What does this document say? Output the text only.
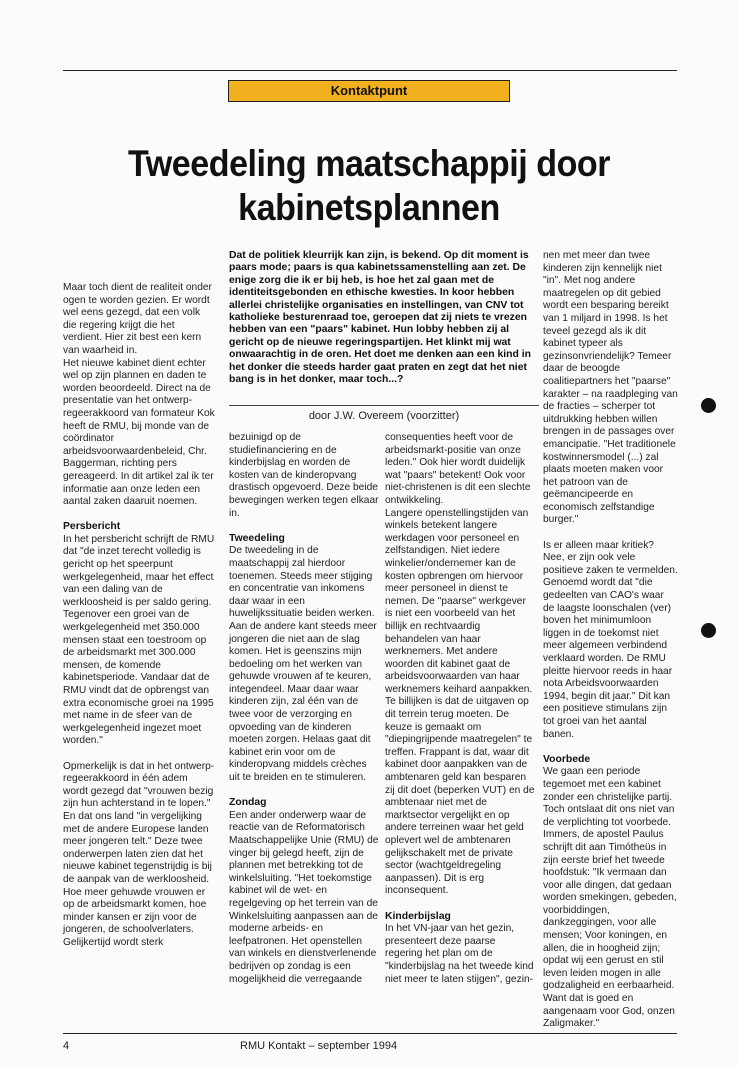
Kontaktpunt
Tweedeling maatschappij door kabinetsplannen

Maar toch dient de realiteit onder ogen te worden gezien. Er wordt wel eens gezegd, dat een volk die regering krijgt die het verdient. Hier zit best een kern van waarheid in.

Het nieuwe kabinet dient echter wel op zijn plannen en daden te worden beoordeeld. Direct na de presentatie van het ontwerp-regeerakkoord van formateur Kok heeft de RMU, bij monde van de coördinator arbeidsvoorwaardenbeleid, Chr. Baggerman, richting pers gereageerd. In dit artikel zal ik ter informatie aan onze leden een aantal zaken daaruit noemen.

Persbericht

In het persbericht schrijft de RMU dat "de inzet terecht volledig is gericht op het speerpunt werkgelegenheid, maar het effect van een daling van de werkloosheid is per saldo gering. Tegenover een groei van de werkgelegenheid met 350.000 mensen staat een toestroom op de arbeidsmarkt met 300.000 mensen, de komende kabinetsperiode. Vandaar dat de RMU vindt dat de opbrengst van extra economische groei na 1995 met name in de sfeer van de werkgelegenheid ingezet moet worden."

Opmerkelijk is dat in het ontwerp-regeerakkoord in één adem wordt gezegd dat "vrouwen bezig zijn hun achterstand in te lopen." En dat ons land "in vergelijking met de andere Europese landen meer jongeren telt." Deze twee onderwerpen laten zien dat het nieuwe kabinet tegenstrijdig is bij de aanpak van de werkloosheid. Hoe meer gehuwde vrouwen er op de arbeidsmarkt komen, hoe minder kansen er zijn voor de jongeren, de schoolverlaters. Gelijkertijd wordt sterk

Dat de politiek kleurrijk kan zijn, is bekend. Op dit moment is paars mode; paars is qua kabinetssamenstelling aan zet. De enige zorg die ik er bij heb, is hoe het zal gaan met de identiteitsgebonden en ethische kwesties. In koor hebben allerlei christelijke organisaties en instellingen, van CNV tot katholieke besturenraad toe, geroepen dat zij niets te vrezen hebben van een "paars" kabinet. Hun lobby hebben zij al gericht op de nieuwe regeringspartijen. Het klinkt mij wat onwaarachtig in de oren. Het doet me denken aan een kind in het donker die steeds harder gaat praten en zegt dat het niet bang is in het donker, maar toch...?
door J.W. Overeem (voorzitter)

bezuinigd op de studiefinanciering en de kinderbijslag en worden de kosten van de kinderopvang drastisch opgevoerd. Deze beide bewegingen werken tegen elkaar in.

Tweedeling

De tweedeling in de maatschappij zal hierdoor toenemen. Steeds meer stijging en concentratie van inkomens daar waar in een huwelijkssituatie beiden werken. Aan de andere kant steeds meer jongeren die niet aan de slag komen. Het is geenszins mijn bedoeling om het werken van gehuwde vrouwen af te keuren, integendeel. Maar daar waar kinderen zijn, zal één van de twee voor de verzorging en opvoeding van de kinderen moeten zorgen. Helaas gaat dit kabinet erin voor om de kinderopvang middels crèches uit te breiden en te stimuleren.

Zondag

Een ander onderwerp waar de reactie van de Reformatorisch Maatschappelijke Unie (RMU) de vinger bij gelegd heeft, zijn de plannen met betrekking tot de winkelsluiting. "Het toekomstige kabinet wil de wet- en regelgeving op het terrein van de Winkelsluiting aanpassen aan de moderne arbeids- en leefpatronen. Het openstellen van winkels en dienstverlenende bedrijven op zondag is een mogelijkheid die verregaande

consequenties heeft voor de arbeidsmarkt-positie van onze leden." Ook hier wordt duidelijk wat "paars" betekent! Ook voor niet-christenen is dit een slechte ontwikkeling.

Langere openstellingstijden van winkels betekent langere werkdagen voor personeel en zelfstandigen. Niet iedere winkelier/ondernemer kan de kosten opbrengen om hiervoor meer personeel in dienst te nemen. De "paarse" werkgever is niet een voorbeeld van het billijk en rechtvaardig behandelen van haar werknemers. Met andere woorden dit kabinet gaat de arbeidsvoorwaarden van haar werknemers keihard aanpakken. Te billijken is dat de uitgaven op dit terrein terug moeten. De keuze is gemaakt om "diepingrijpende maatregelen" te treffen. Frappant is dat, waar dit kabinet door aanpakken van de ambtenaren geld kan besparen zij dit doet (beperken VUT) en de ambtenaar niet met de marktsector vergelijkt en op andere terreinen waar het geld oplevert wel de ambtenaren gelijkschakelt met de private sector (wachtgeldregeling aanpassen). Dit is erg inconsequent.

Kinderbijslag

In het VN-jaar van het gezin, presenteert deze paarse regering het plan om de "kinderbijslag na het tweede kind niet meer te laten stijgen", gezin-

nen met meer dan twee kinderen zijn kennelijk niet "in". Met nog andere maatregelen op dit gebied wordt een besparing bereikt van 1 miljard in 1998. Is het teveel gezegd als ik dit kabinet typeer als gezinsonvriendelijk? Temeer daar de beoogde coalitiepartners het "paarse" karakter – na raadpleging van de fracties – scherper tot uitdrukking hebben willen brengen in de passages over emancipatie. "Het traditionele kostwinnersmodel (...) zal plaats moeten maken voor het patroon van de geëmancipeerde en economisch zelfstandige burger."

Is er alleen maar kritiek? Nee, er zijn ook vele positieve zaken te vermelden. Genoemd wordt dat "die gedeelten van CAO's waar de laagste loonschalen (ver) boven het minimumloon liggen in de toekomst niet meer algemeen verbindend verklaard worden. De RMU pleitte hiervoor reeds in haar nota Arbeidsvoorwaarden 1994, begin dit jaar." Dit kan een positieve stimulans zijn tot groei van het aantal banen.

Voorbede

We gaan een periode tegemoet met een kabinet zonder een christelijke partij. Toch ontslaat dit ons niet van de verplichting tot voorbede. Immers, de apostel Paulus schrijft dit aan Timótheüs in zijn eerste brief het tweede hoofdstuk: "Ik vermaan dan voor alle dingen, dat gedaan worden smekingen, gebeden, voorbiddingen, dankzeggingen, voor alle mensen; Voor koningen, en allen, die in hoogheid zijn; opdat wij een gerust en stil leven leiden mogen in alle godzaligheid en eerbaarheid. Want dat is goed en aangenaam voor God, onzen Zaligmaker."

4	RMU Kontakt – september 1994
